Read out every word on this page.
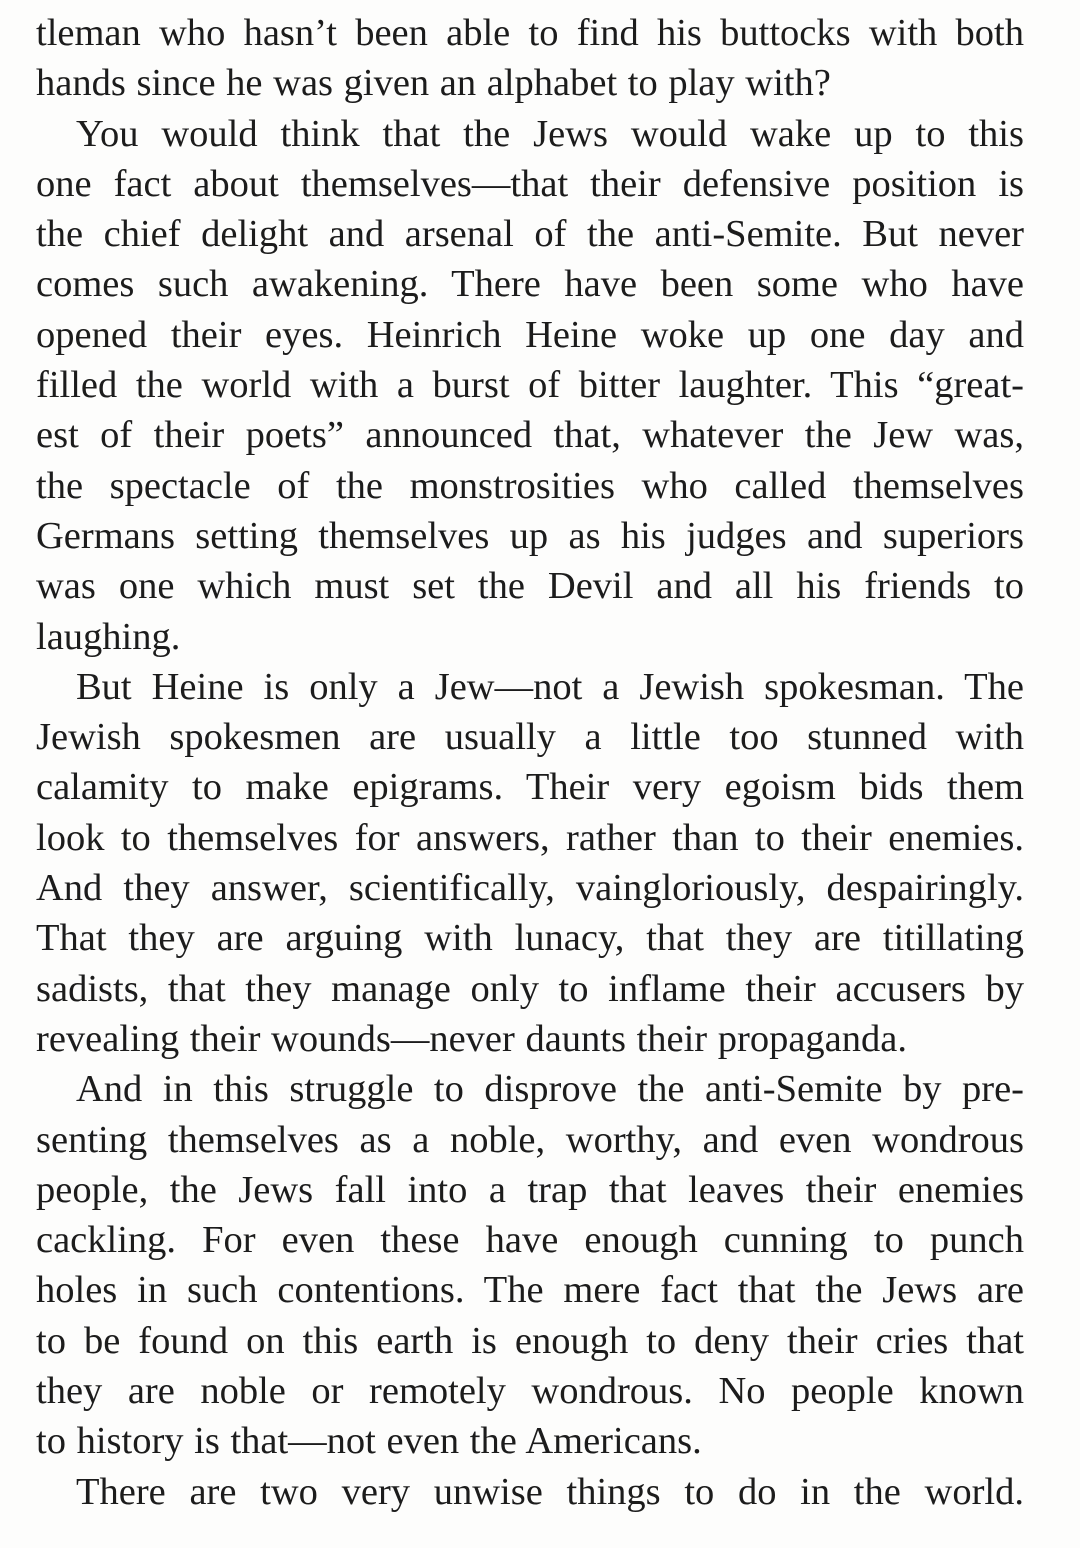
tleman who hasn’t been able to find his buttocks with both
hands since he was given an alphabet to play with?

You would think that the Jews would wake up to this
one fact about themselves—that their defensive position is
the chief delight and arsenal of the anti-Semite. But never
comes such awakening. There have been some who have
opened their eyes. Heinrich Heine woke up one day and
filled the world with a burst of bitter laughter. This “great-
est of their poets” announced that, whatever the Jew was,
the spectacle of the monstrosities who called themselves
Germans setting themselves up as his judges and superiors
was one which must set the Devil and all his friends to
laughing.

But Heine is only a Jew—not a Jewish spokesman. The
Jewish spokesmen are usually a little too stunned with
calamity to make epigrams. Their very egoism bids them
look to themselves for answers, rather than to their enemies.
And they answer, scientifically, vaingloriously, despairingly.
That they are arguing with lunacy, that they are titillating
sadists, that they manage only to inflame their accusers by
revealing their wounds—never daunts their propaganda.

And in this struggle to disprove the anti-Semite by pre-
senting themselves as a noble, worthy, and even wondrous
people, the Jews fall into a trap that leaves their enemies
cackling. For even these have enough cunning to punch
holes in such contentions. The mere fact that the Jews are
to be found on this earth is enough to deny their cries that
they are noble or remotely wondrous. No people known
to history is that—not even the Americans.

There are two very unwise things to do in the world.
